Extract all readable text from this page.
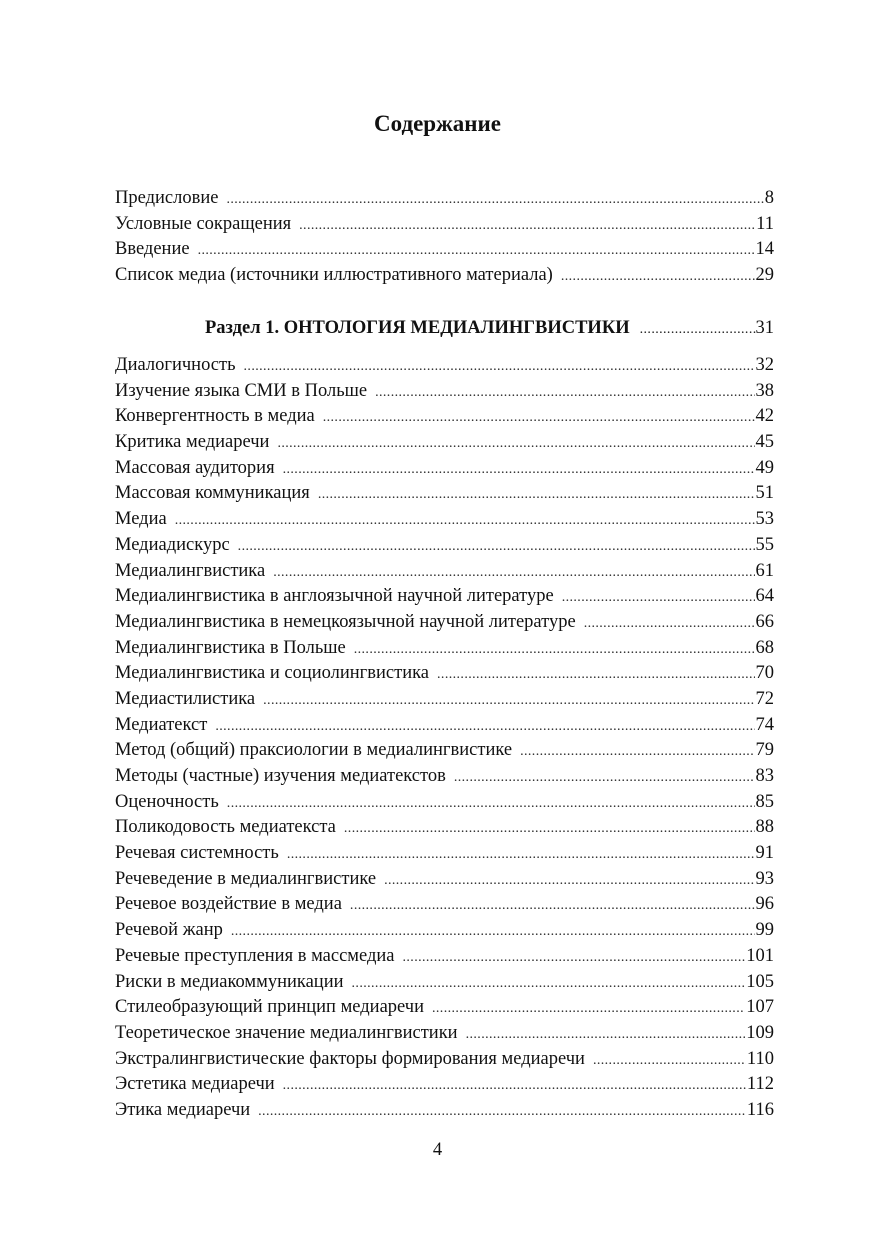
Содержание
Предисловие .....	8
Условные сокращения .....	11
Введение .....	14
Список медиа (источники иллюстративного материала) .....	29
Раздел 1. ОНТОЛОГИЯ МЕДИАЛИНГВИСТИКИ .....	31
Диалогичность .....	32
Изучение языка СМИ в Польше .....	38
Конвергентность в медиа .....	42
Критика медиаречи .....	45
Массовая аудитория .....	49
Массовая коммуникация .....	51
Медиа .....	53
Медиадискурс .....	55
Медиалингвистика .....	61
Медиалингвистика в англоязычной научной литературе .....	64
Медиалингвистика в немецкоязычной научной литературе .....	66
Медиалингвистика в Польше .....	68
Медиалингвистика и социолингвистика .....	70
Медиастилистика .....	72
Медиатекст .....	74
Метод (общий) праксиологии в медиалингвистике .....	79
Методы (частные) изучения медиатекстов .....	83
Оценочность .....	85
Поликодовость медиатекста .....	88
Речевая системность .....	91
Речеведение в медиалингвистике .....	93
Речевое воздействие в медиа .....	96
Речевой жанр .....	99
Речевые преступления в массмедиа .....	101
Риски в медиакоммуникации .....	105
Стилеобразующий принцип медиаречи .....	107
Теоретическое значение медиалингвистики .....	109
Экстралингвистические факторы формирования медиаречи .....	110
Эстетика медиаречи .....	112
Этика медиаречи .....	116
4
